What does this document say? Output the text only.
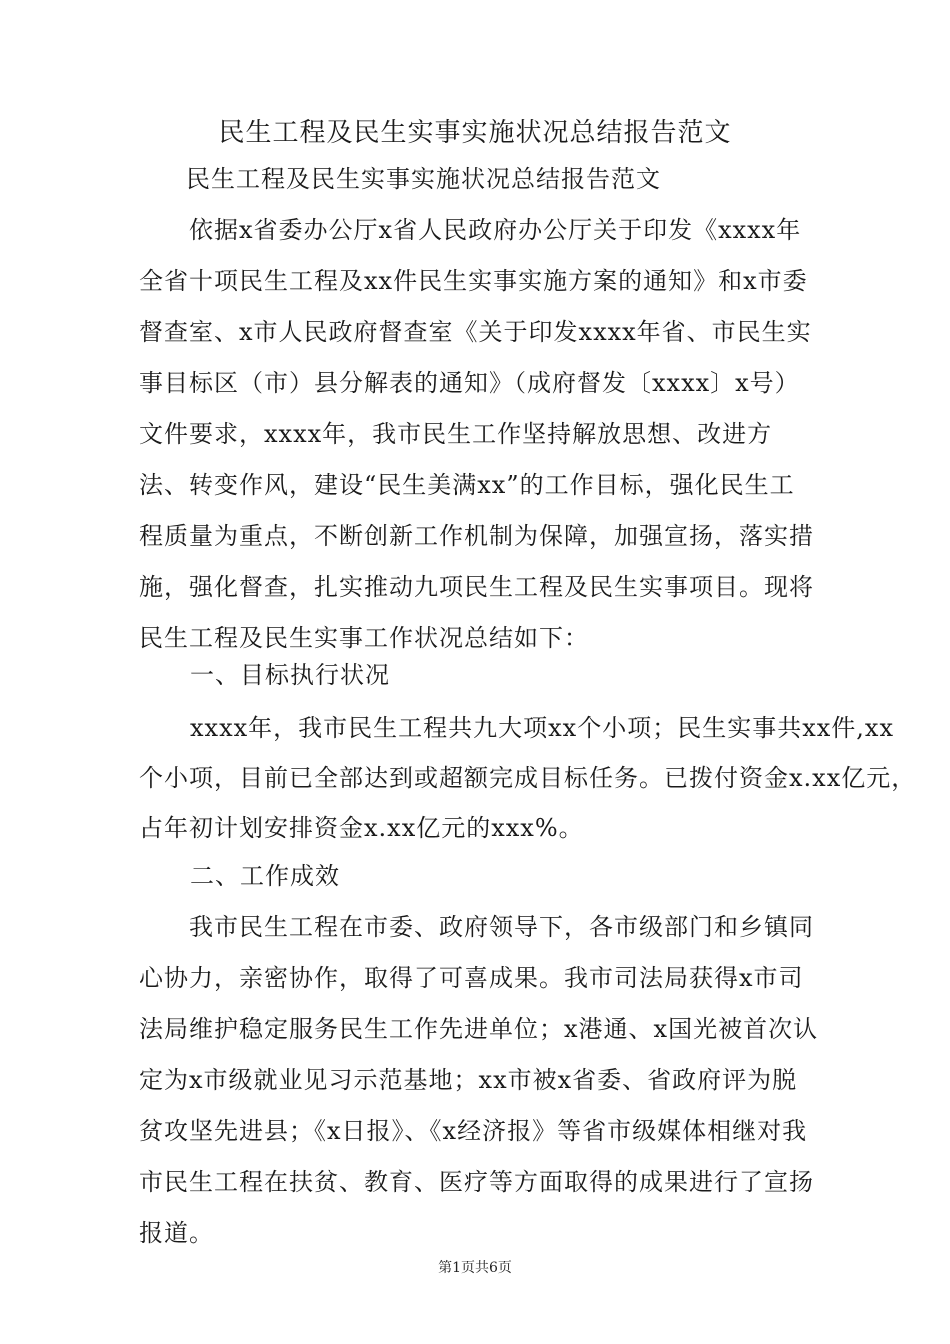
民生工程及民生实事实施状况总结报告范文
民生工程及民生实事实施状况总结报告范文

依据x省委办公厅x省人民政府办公厅关于印发《xxxx年全省十项民生工程及xx件民生实事实施方案的通知》和x市委督查室、x市人民政府督查室《关于印发xxxx年省、市民生实事目标区（市）县分解表的通知》（成府督发〔xxxx〕x号）文件要求，xxxx年，我市民生工作坚持解放思想、改进方法、转变作风，建设“民生美满xx”的工作目标，强化民生工程质量为重点，不断创新工作机制为保障，加强宣扬，落实措施，强化督查，扎实推动九项民生工程及民生实事项目。现将民生工程及民生实事工作状况总结如下：

一、目标执行状况

xxxx年，我市民生工程共九大项xx个小项；民生实事共xx件,xx
个小项，目前已全部达到或超额完成目标任务。已拨付资金x.xx亿元，
占年初计划安排资金x.xx亿元的xxx%。

二、工作成效

我市民生工程在市委、政府领导下，各市级部门和乡镇同心协力，亲密协作，取得了可喜成果。我市司法局获得x市司法局维护稳定服务民生工作先进单位；x港通、x国光被首次认定为x市级就业见习示范基地；xx市被x省委、省政府评为脱贫攻坚先进县；《x日报》、《x经济报》等省市级媒体相继对我市民生工程在扶贫、教育、医疗等方面取得的成果进行了宣扬报道。

第1页共6页
